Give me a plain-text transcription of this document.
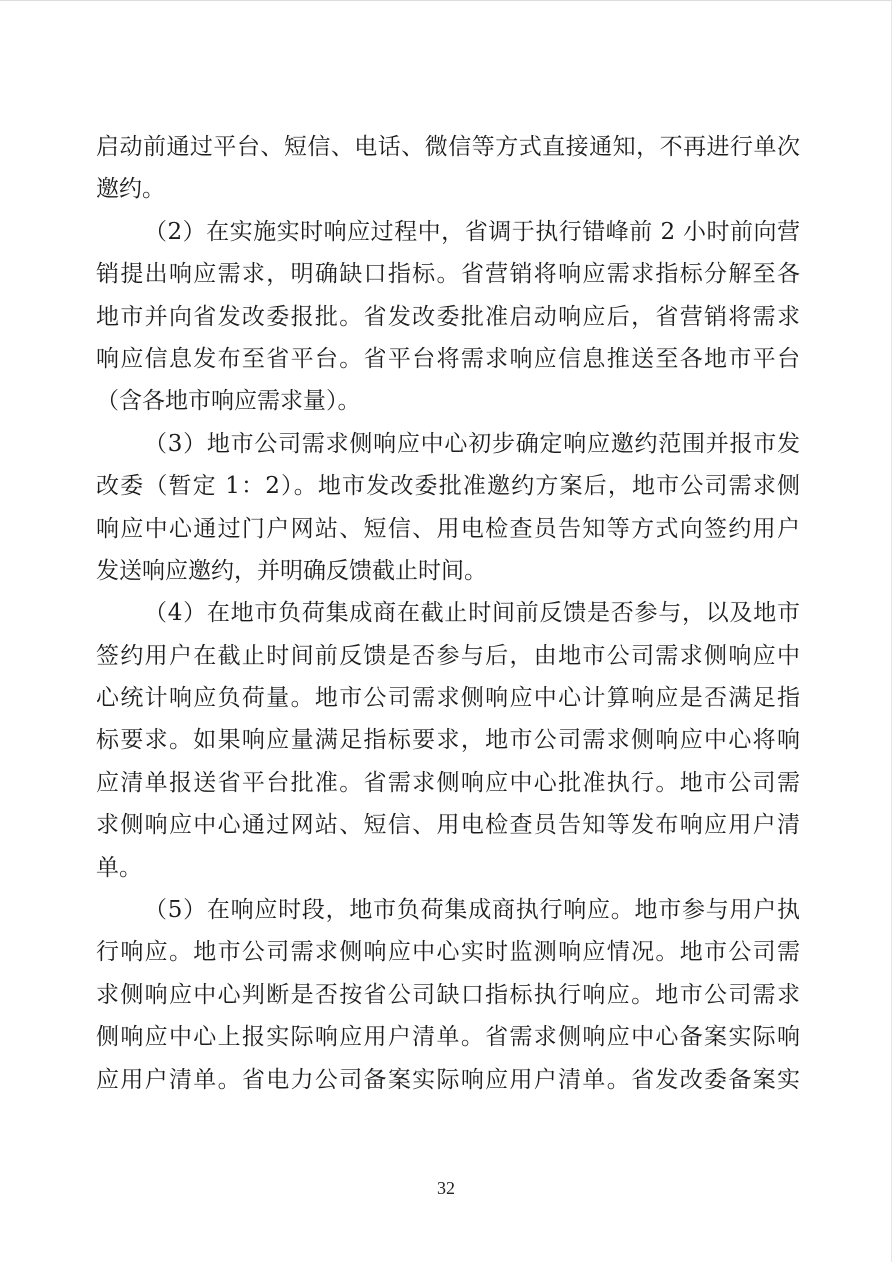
启动前通过平台、短信、电话、微信等方式直接通知，不再进行单次
邀约。
（2）在实施实时响应过程中，省调于执行错峰前 2 小时前向营
销提出响应需求，明确缺口指标。省营销将响应需求指标分解至各
地市并向省发改委报批。省发改委批准启动响应后，省营销将需求
响应信息发布至省平台。省平台将需求响应信息推送至各地市平台
（含各地市响应需求量）。
（3）地市公司需求侧响应中心初步确定响应邀约范围并报市发
改委（暂定 1：2）。地市发改委批准邀约方案后，地市公司需求侧
响应中心通过门户网站、短信、用电检查员告知等方式向签约用户
发送响应邀约，并明确反馈截止时间。
（4）在地市负荷集成商在截止时间前反馈是否参与，以及地市
签约用户在截止时间前反馈是否参与后，由地市公司需求侧响应中
心统计响应负荷量。地市公司需求侧响应中心计算响应是否满足指
标要求。如果响应量满足指标要求，地市公司需求侧响应中心将响
应清单报送省平台批准。省需求侧响应中心批准执行。地市公司需
求侧响应中心通过网站、短信、用电检查员告知等发布响应用户清
单。
（5）在响应时段，地市负荷集成商执行响应。地市参与用户执
行响应。地市公司需求侧响应中心实时监测响应情况。地市公司需
求侧响应中心判断是否按省公司缺口指标执行响应。地市公司需求
侧响应中心上报实际响应用户清单。省需求侧响应中心备案实际响
应用户清单。省电力公司备案实际响应用户清单。省发改委备案实
32
